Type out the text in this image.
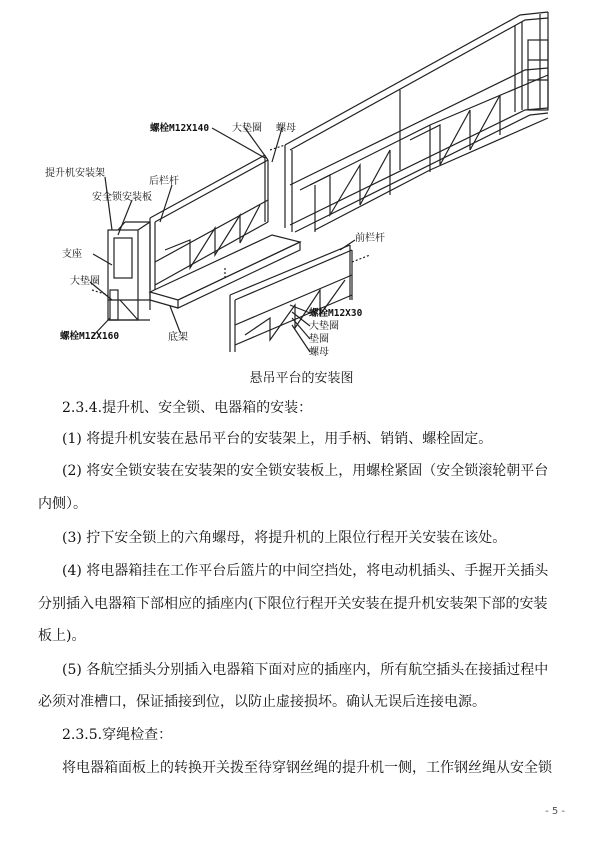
螺栓M12X140 大垫圈 螺母
提升机安装架
后栏杆
安全锁安装板
支座
大垫圈
螺栓M12X160	底架
前栏杆
螺栓M12X30
大垫圈
垫圈
螺母
悬吊平台的安装图
2.3.4.提升机、安全锁、电器箱的安装：
(1) 将提升机安装在悬吊平台的安装架上，用手柄、销销、螺栓固定。
(2) 将安全锁安装在安装架的安全锁安装板上，用螺栓紧固（安全锁滚轮朝平台
内侧）。
(3) 拧下安全锁上的六角螺母，将提升机的上限位行程开关安装在该处。
(4) 将电器箱挂在工作平台后篮片的中间空挡处，将电动机插头、手握开关插头
分别插入电器箱下部相应的插座内(下限位行程开关安装在提升机安装架下部的安装
板上)。
(5) 各航空插头分别插入电器箱下面对应的插座内，所有航空插头在接插过程中
必须对准槽口，保证插接到位，以防止虚接损坏。确认无误后连接电源。
2.3.5.穿绳检查：
将电器箱面板上的转换开关拨至待穿钢丝绳的提升机一侧，工作钢丝绳从安全锁
- 5 -
